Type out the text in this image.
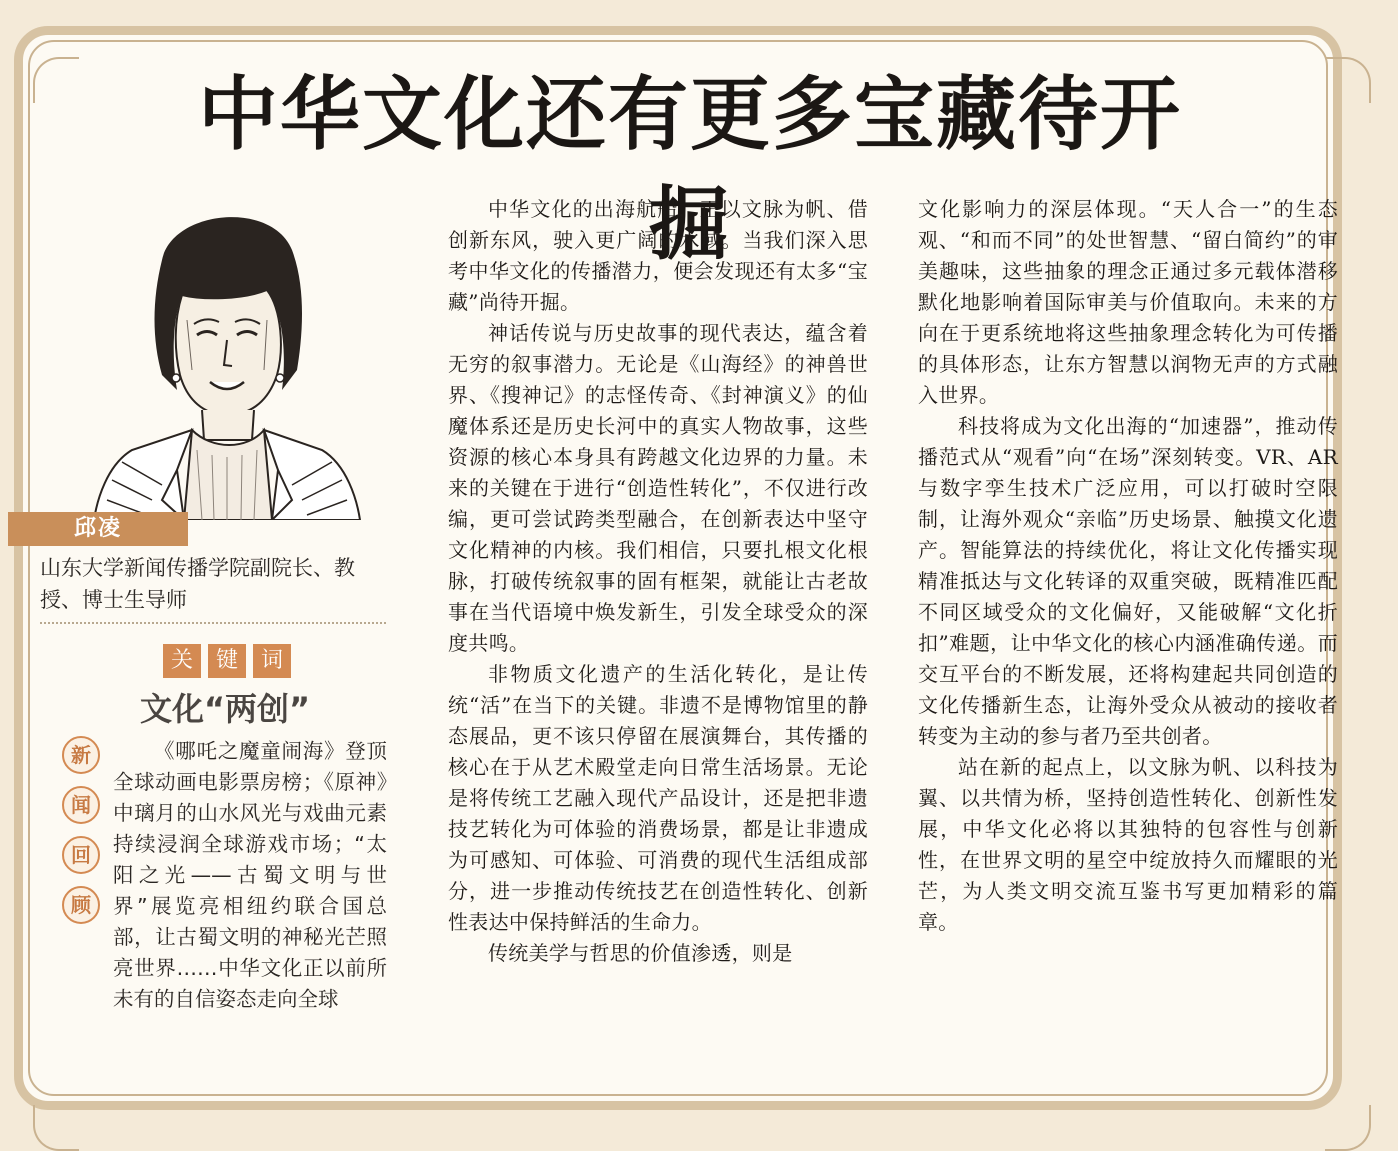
中华文化还有更多宝藏待开掘
邱凌
山东大学新闻传播学院副院长、教授、博士生导师
关	键	词
文化“两创”
新
闻
回
顾
《哪吒之魔童闹海》登顶全球动画电影票房榜；《原神》中璃月的山水风光与戏曲元素持续浸润全球游戏市场；“太阳之光——古蜀文明与世界”展览亮相纽约联合国总部，让古蜀文明的神秘光芒照亮世界……中华文化正以前所未有的自信姿态走向全球

中华文化的出海航船，正以文脉为帆、借创新东风，驶入更广阔的水域。当我们深入思考中华文化的传播潜力，便会发现还有太多“宝藏”尚待开掘。

神话传说与历史故事的现代表达，蕴含着无穷的叙事潜力。无论是《山海经》的神兽世界、《搜神记》的志怪传奇、《封神演义》的仙魔体系还是历史长河中的真实人物故事，这些资源的核心本身具有跨越文化边界的力量。未来的关键在于进行“创造性转化”，不仅进行改编，更可尝试跨类型融合，在创新表达中坚守文化精神的内核。我们相信，只要扎根文化根脉，打破传统叙事的固有框架，就能让古老故事在当代语境中焕发新生，引发全球受众的深度共鸣。

非物质文化遗产的生活化转化，是让传统“活”在当下的关键。非遗不是博物馆里的静态展品，更不该只停留在展演舞台，其传播的核心在于从艺术殿堂走向日常生活场景。无论是将传统工艺融入现代产品设计，还是把非遗技艺转化为可体验的消费场景，都是让非遗成为可感知、可体验、可消费的现代生活组成部分，进一步推动传统技艺在创造性转化、创新性表达中保持鲜活的生命力。

传统美学与哲思的价值渗透，则是

文化影响力的深层体现。“天人合一”的生态观、“和而不同”的处世智慧、“留白简约”的审美趣味，这些抽象的理念正通过多元载体潜移默化地影响着国际审美与价值取向。未来的方向在于更系统地将这些抽象理念转化为可传播的具体形态，让东方智慧以润物无声的方式融入世界。

科技将成为文化出海的“加速器”，推动传播范式从“观看”向“在场”深刻转变。VR、AR与数字孪生技术广泛应用，可以打破时空限制，让海外观众“亲临”历史场景、触摸文化遗产。智能算法的持续优化，将让文化传播实现精准抵达与文化转译的双重突破，既精准匹配不同区域受众的文化偏好，又能破解“文化折扣”难题，让中华文化的核心内涵准确传递。而交互平台的不断发展，还将构建起共同创造的文化传播新生态，让海外受众从被动的接收者转变为主动的参与者乃至共创者。

站在新的起点上，以文脉为帆、以科技为翼、以共情为桥，坚持创造性转化、创新性发展，中华文化必将以其独特的包容性与创新性，在世界文明的星空中绽放持久而耀眼的光芒，为人类文明交流互鉴书写更加精彩的篇章。
